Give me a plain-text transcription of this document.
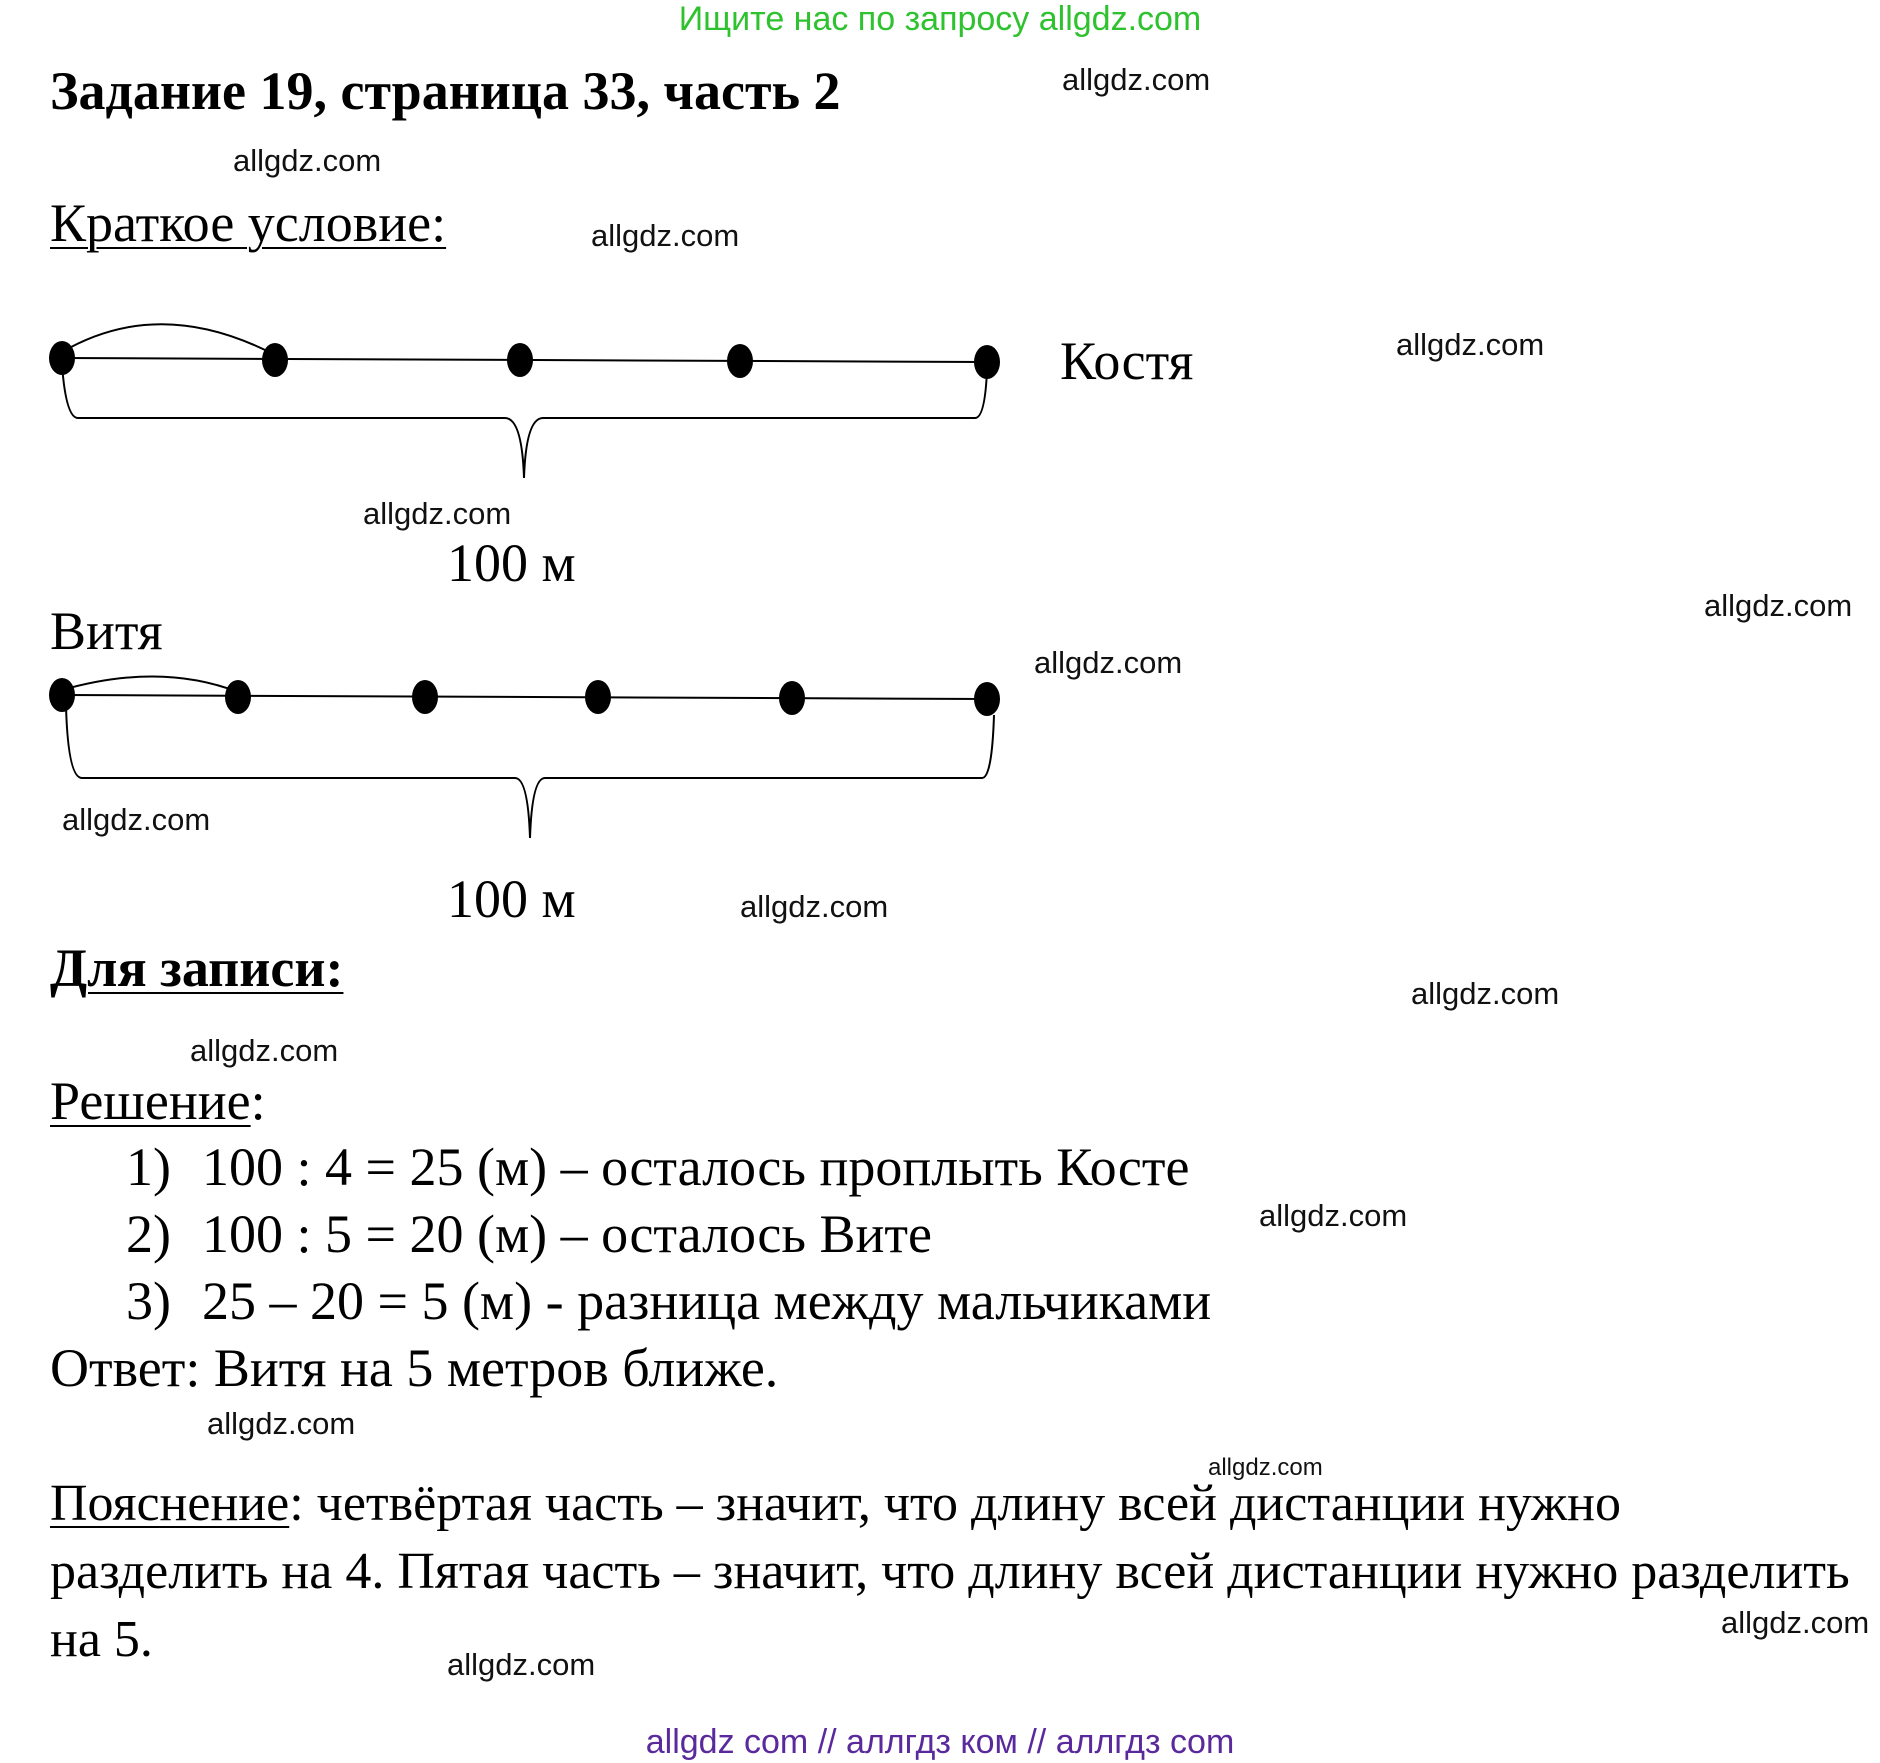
Ищите нас по запросу allgdz.com
Задание 19, страница 33, часть 2
Краткое условие:
Костя
100 м
Витя
100 м
Для записи:
Решение:
1) 100 : 4 = 25 (м) – осталось проплыть Косте
2) 100 : 5 = 20 (м) – осталось Вите
3) 25 – 20 = 5 (м) - разница между мальчиками
Ответ: Витя на 5 метров ближе.
Пояснение: четвёртая часть – значит, что длину всей дистанции нужно разделить на 4. Пятая часть – значит, что длину всей дистанции нужно разделить на 5.
allgdz.com
allgdz.com
allgdz.com
allgdz.com
allgdz.com
allgdz.com
allgdz.com
allgdz.com
allgdz.com
allgdz.com
allgdz.com
allgdz.com
allgdz.com
allgdz.com
allgdz.com
allgdz.com
allgdz com // аллгдз ком // аллгдз com
